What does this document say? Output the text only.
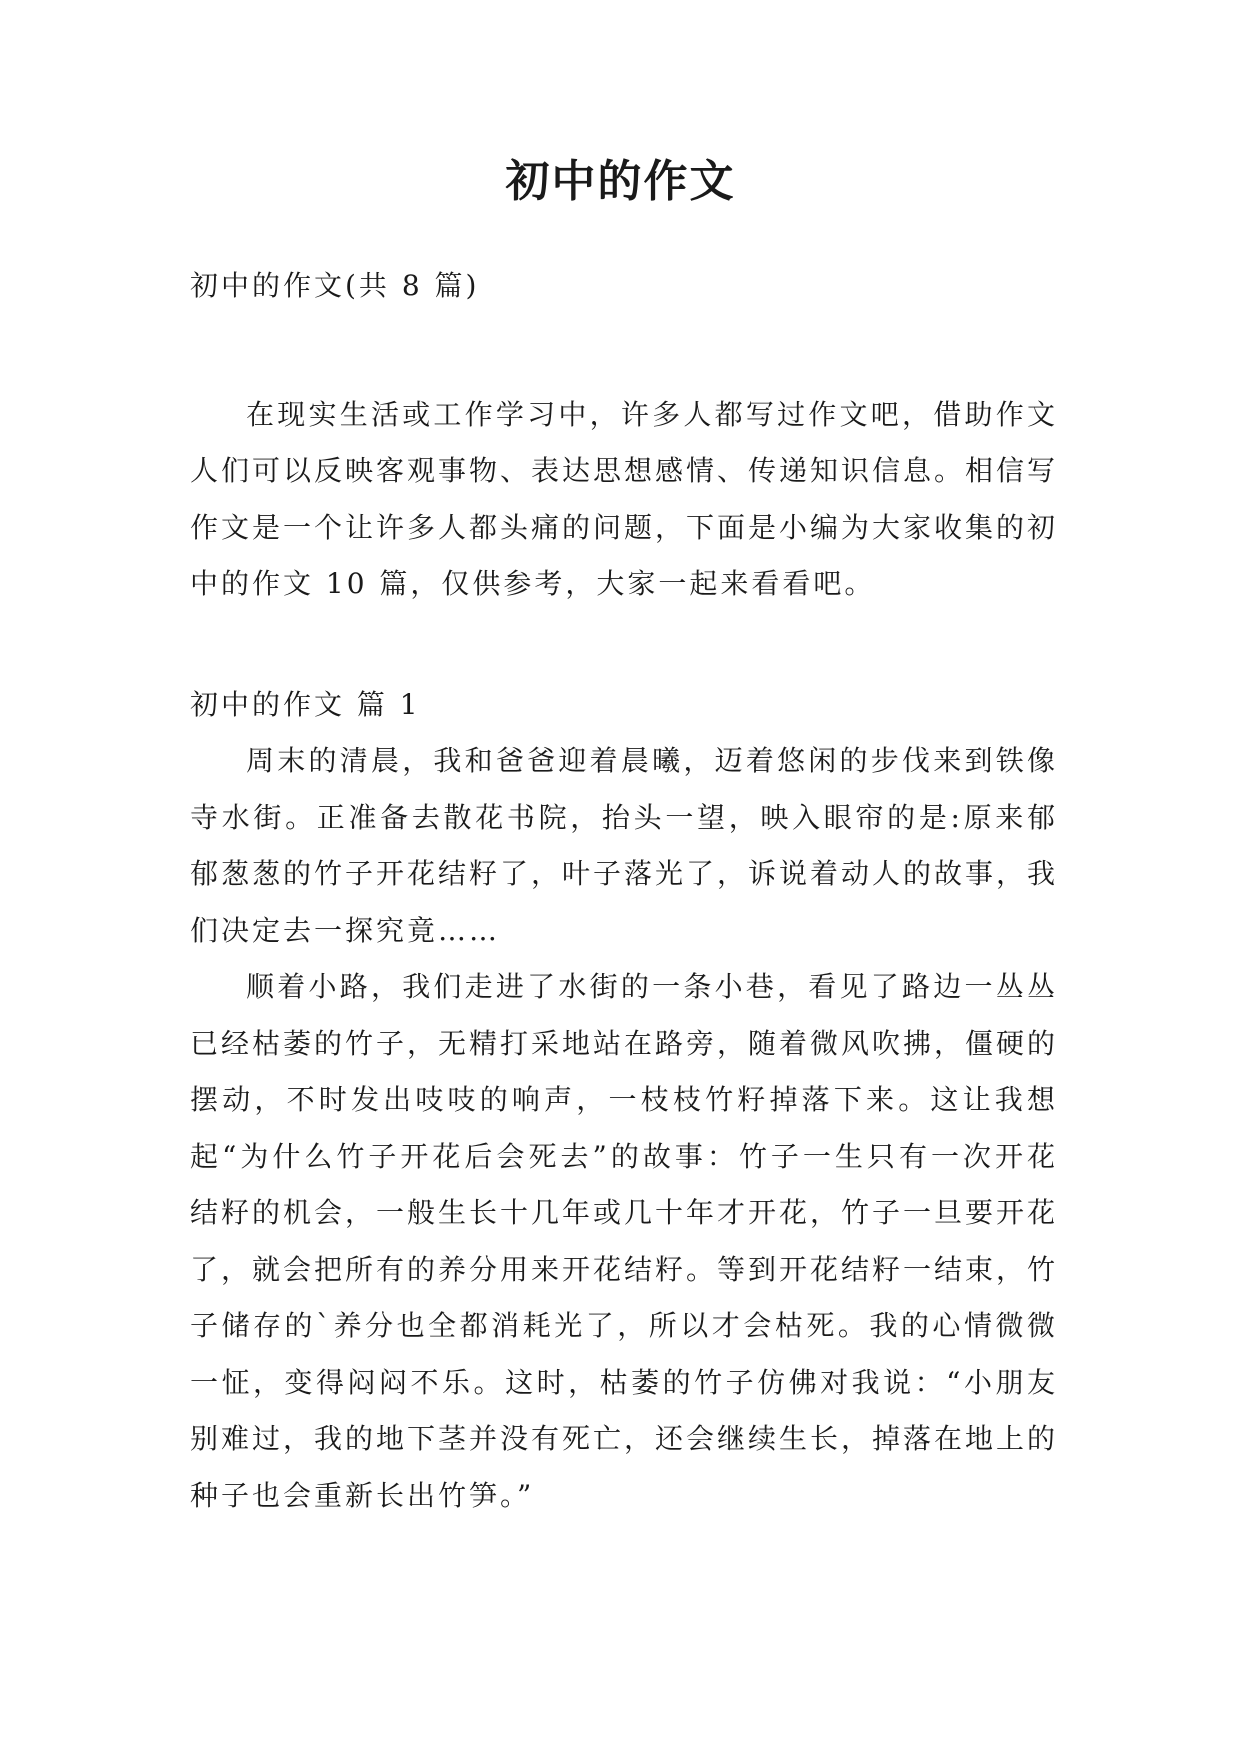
初中的作文

初中的作文(共 8 篇)

在现实生活或工作学习中，许多人都写过作文吧，借助作文人们可以反映客观事物、表达思想感情、传递知识信息。相信写作文是一个让许多人都头痛的问题，下面是小编为大家收集的初中的作文 10 篇，仅供参考，大家一起来看看吧。

初中的作文 篇 1

周末的清晨，我和爸爸迎着晨曦，迈着悠闲的步伐来到铁像寺水街。正准备去散花书院，抬头一望，映入眼帘的是:原来郁郁葱葱的竹子开花结籽了，叶子落光了，诉说着动人的故事，我们决定去一探究竟……

顺着小路，我们走进了水街的一条小巷，看见了路边一丛丛已经枯萎的竹子，无精打采地站在路旁，随着微风吹拂，僵硬的摆动，不时发出吱吱的响声，一枝枝竹籽掉落下来。这让我想起“为什么竹子开花后会死去”的故事：竹子一生只有一次开花结籽的机会，一般生长十几年或几十年才开花，竹子一旦要开花了，就会把所有的养分用来开花结籽。等到开花结籽一结束，竹子储存的`养分也全都消耗光了，所以才会枯死。我的心情微微一怔，变得闷闷不乐。这时，枯萎的竹子仿佛对我说：“小朋友别难过，我的地下茎并没有死亡，还会继续生长，掉落在地上的种子也会重新长出竹笋。”
